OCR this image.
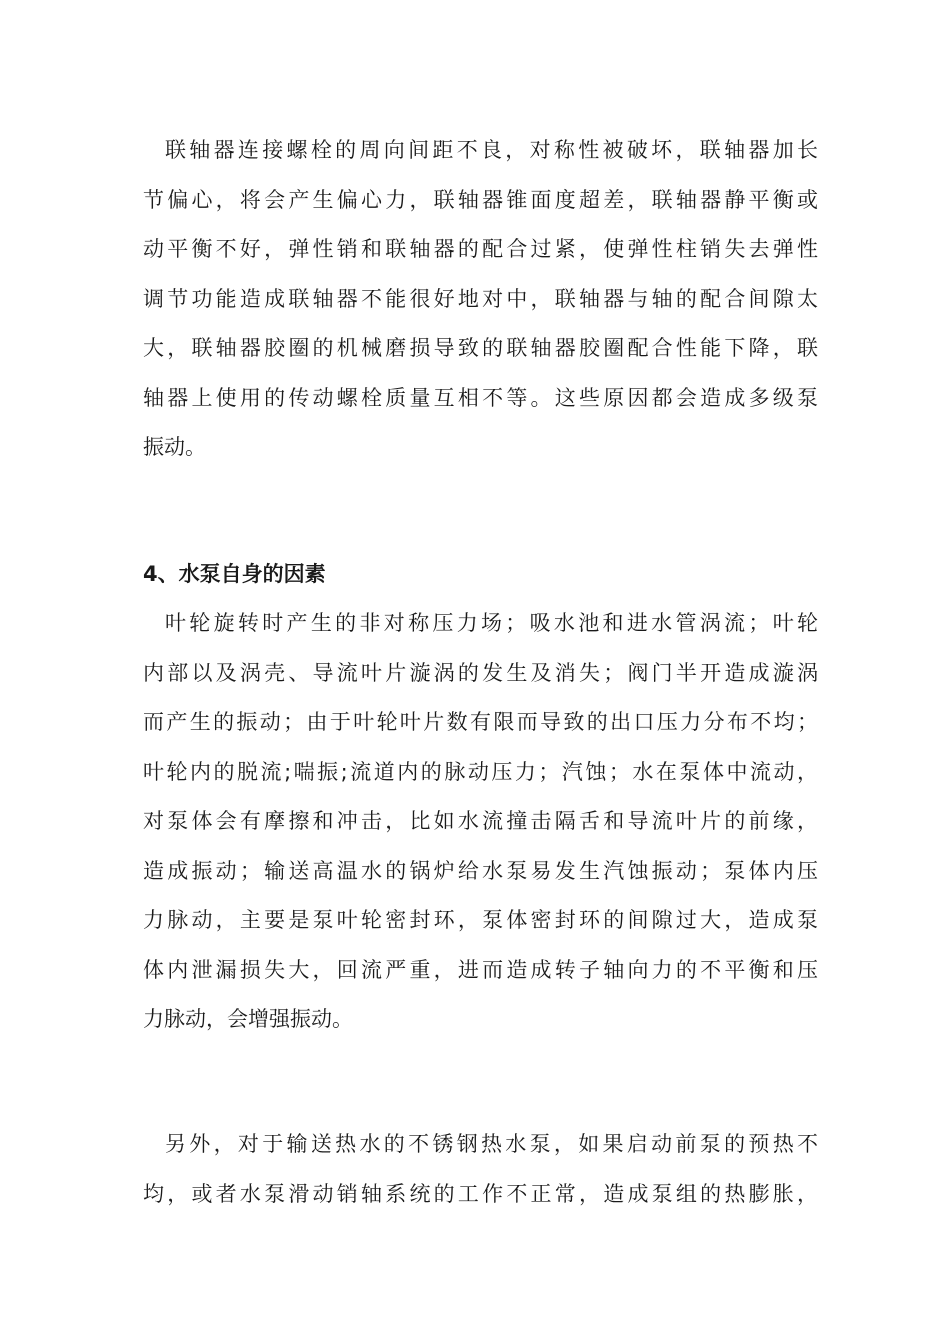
联轴器连接螺栓的周向间距不良，对称性被破坏，联轴器加长
节偏心，将会产生偏心力，联轴器锥面度超差，联轴器静平衡或
动平衡不好，弹性销和联轴器的配合过紧，使弹性柱销失去弹性
调节功能造成联轴器不能很好地对中，联轴器与轴的配合间隙太
大，联轴器胶圈的机械磨损导致的联轴器胶圈配合性能下降，联
轴器上使用的传动螺栓质量互相不等。这些原因都会造成多级泵
振动。
4、水泵自身的因素
叶轮旋转时产生的非对称压力场；吸水池和进水管涡流；叶轮
内部以及涡壳、导流叶片漩涡的发生及消失；阀门半开造成漩涡
而产生的振动；由于叶轮叶片数有限而导致的出口压力分布不均；
叶轮内的脱流;喘振;流道内的脉动压力；汽蚀；水在泵体中流动，
对泵体会有摩擦和冲击，比如水流撞击隔舌和导流叶片的前缘，
造成振动；输送高温水的锅炉给水泵易发生汽蚀振动；泵体内压
力脉动，主要是泵叶轮密封环，泵体密封环的间隙过大，造成泵
体内泄漏损失大，回流严重，进而造成转子轴向力的不平衡和压
力脉动，会增强振动。
另外，对于输送热水的不锈钢热水泵，如果启动前泵的预热不
均，或者水泵滑动销轴系统的工作不正常，造成泵组的热膨胀，
